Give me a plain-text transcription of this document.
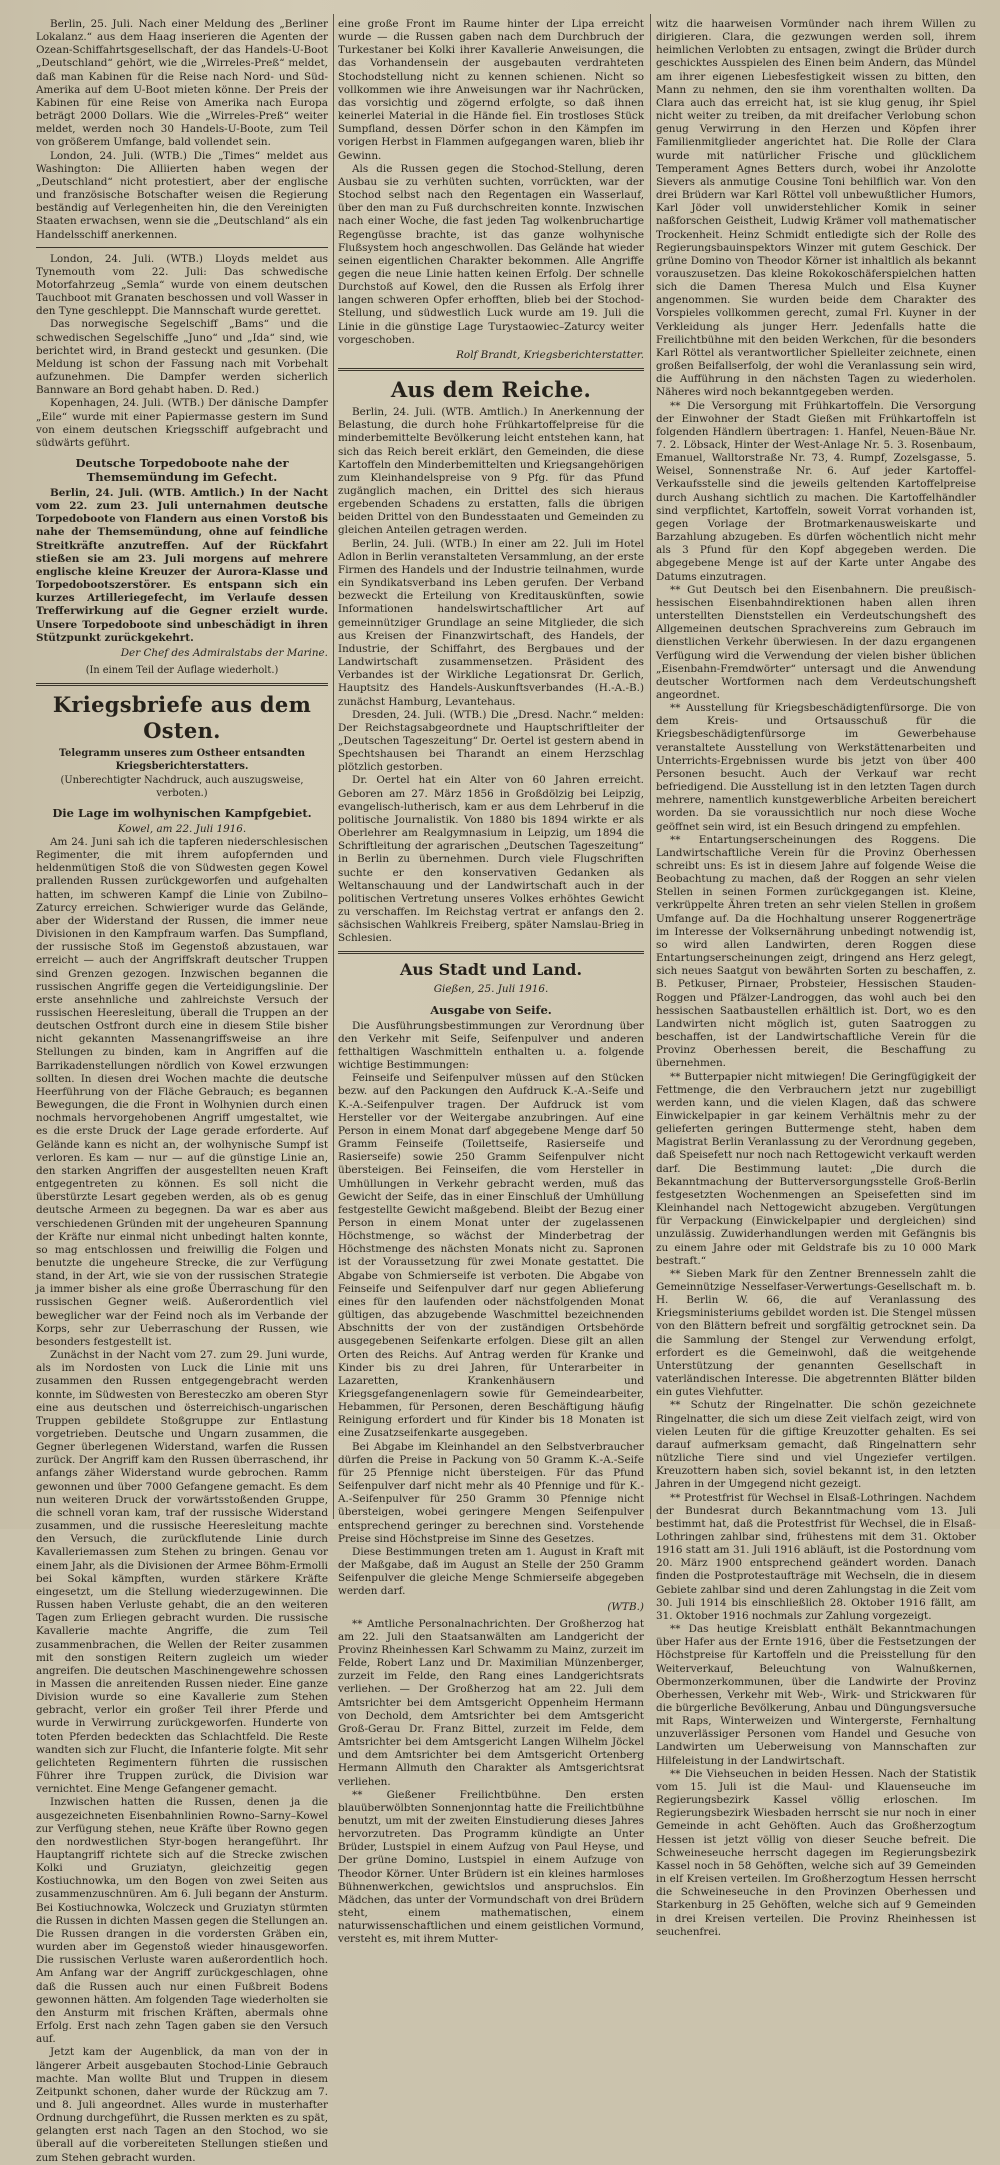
Berlin, 25. Juli. Nach einer Meldung des „Berliner Lokalanz.“ aus dem Haag inserieren die Agenten der Ozean-Schiffahrtsgesellschaft, der das Handels-U-Boot „Deutschland“ gehört, wie die „Wirreles-Preß“ meldet, daß man Kabinen für die Reise nach Nord- und Süd-Amerika auf dem U-Boot mieten könne. Der Preis der Kabinen für eine Reise von Amerika nach Europa beträgt 2000 Dollars. Wie die „Wirreles-Preß“ weiter meldet, werden noch 30 Handels-U-Boote, zum Teil von größerem Umfange, bald vollendet sein.

London, 24. Juli. (WTB.) Die „Times“ meldet aus Washington: Die Alliierten haben wegen der „Deutschland“ nicht protestiert, aber der englische und französische Botschafter weisen die Regierung beständig auf Verlegenheiten hin, die den Vereinigten Staaten erwachsen, wenn sie die „Deutschland“ als ein Handelsschiff anerkennen.

London, 24. Juli. (WTB.) Lloyds meldet aus Tynemouth vom 22. Juli: Das schwedische Motorfahrzeug „Semla“ wurde von einem deutschen Tauchboot mit Granaten beschossen und voll Wasser in den Tyne geschleppt. Die Mannschaft wurde gerettet.

Das norwegische Segelschiff „Bams“ und die schwedischen Segelschiffe „Juno“ und „Ida“ sind, wie berichtet wird, in Brand gesteckt und gesunken. (Die Meldung ist schon der Fassung nach mit Vorbehalt aufzunehmen. Die Dampfer werden sicherlich Bannware an Bord gehabt haben. D. Red.)

Kopenhagen, 24. Juli. (WTB.) Der dänische Dampfer „Eile“ wurde mit einer Papiermasse gestern im Sund von einem deutschen Kriegsschiff aufgebracht und südwärts geführt.

Deutsche Torpedoboote nahe der Themsemündung im Gefecht.

Berlin, 24. Juli. (WTB. Amtlich.) In der Nacht vom 22. zum 23. Juli unternahmen deutsche Torpedoboote von Flandern aus einen Vorstoß bis nahe der Themsemündung, ohne auf feindliche Streitkräfte anzutreffen. Auf der Rückfahrt stießen sie am 23. Juli morgens auf mehrere englische kleine Kreuzer der Aurora-Klasse und Torpedobootszerstörer. Es entspann sich ein kurzes Artilleriegefecht, im Verlaufe dessen Trefferwirkung auf die Gegner erzielt wurde. Unsere Torpedoboote sind unbeschädigt in ihren Stützpunkt zurückgekehrt.

Der Chef des Admiralstabs der Marine.

(In einem Teil der Auflage wiederholt.)

Kriegsbriefe aus dem Osten.

Telegramm unseres zum Ostheer entsandten Kriegsberichterstatters.

(Unberechtigter Nachdruck, auch auszugsweise, verboten.)

Die Lage im wolhynischen Kampfgebiet.

Kowel, am 22. Juli 1916.

Am 24. Juni sah ich die tapferen niederschlesischen Regimenter, die mit ihrem aufopfernden und heldenmütigen Stoß die von Südwesten gegen Kowel prallenden Russen zurückgeworfen und aufgehalten hatten, im schweren Kampf die Linie von Zubilno–Zaturcy erreichen. Schwieriger wurde das Gelände, aber der Widerstand der Russen, die immer neue Divisionen in den Kampfraum warfen. Das Sumpfland, der russische Stoß im Gegenstoß abzustauen, war erreicht — auch der Angriffskraft deutscher Truppen sind Grenzen gezogen. Inzwischen begannen die russischen Angriffe gegen die Verteidigungslinie. Der erste ansehnliche und zahlreichste Versuch der russischen Heeresleitung, überall die Truppen an der deutschen Ostfront durch eine in diesem Stile bisher nicht gekannten Massenangriffsweise an ihre Stellungen zu binden, kam in Angriffen auf die Barrikadenstellungen nördlich von Kowel erzwungen sollten. In diesen drei Wochen machte die deutsche Heerführung von der Fläche Gebrauch; es begannen Bewegungen, die die Front in Wolhynien durch einen nochmals hervorgehobenen Angriff umgestaltet, wie es die erste Druck der Lage gerade erforderte. Auf Gelände kann es nicht an, der wolhynische Sumpf ist verloren. Es kam — nur — auf die günstige Linie an, den starken Angriffen der ausgestellten neuen Kraft entgegentreten zu können. Es soll nicht die überstürzte Lesart gegeben werden, als ob es genug deutsche Armeen zu begegnen. Da war es aber aus verschiedenen Gründen mit der ungeheuren Spannung der Kräfte nur einmal nicht unbedingt halten konnte, so mag entschlossen und freiwillig die Folgen und benutzte die ungeheure Strecke, die zur Verfügung stand, in der Art, wie sie von der russischen Strategie ja immer bisher als eine große Überraschung für den russischen Gegner weiß. Außerordentlich viel beweglicher war der Feind noch als im Verbande der Korps, sehr zur Ueberraschung der Russen, wie besonders festgestellt ist.

Zunächst in der Nacht vom 27. zum 29. Juni wurde, als im Nordosten von Luck die Linie mit uns zusammen den Russen entgegengebracht werden konnte, im Südwesten von Beresteczko am oberen Styr eine aus deutschen und österreichisch-ungarischen Truppen gebildete Stoßgruppe zur Entlastung vorgetrieben. Deutsche und Ungarn zusammen, die Gegner überlegenen Widerstand, warfen die Russen zurück. Der Angriff kam den Russen überraschend, ihr anfangs zäher Widerstand wurde gebrochen. Ramm gewonnen und über 7000 Gefangene gemacht. Es dem nun weiteren Druck der vorwärtsstoßenden Gruppe, die schnell voran kam, traf der russische Widerstand zusammen, und die russische Heeresleitung machte den Versuch, die zurückflutende Linie durch Kavalleriemassen zum Stehen zu bringen. Genau vor einem Jahr, als die Divisionen der Armee Böhm-Ermolli bei Sokal kämpften, wurden stärkere Kräfte eingesetzt, um die Stellung wiederzugewinnen. Die Russen haben Verluste gehabt, die an den weiteren Tagen zum Erliegen gebracht wurden. Die russische Kavallerie machte Angriffe, die zum Teil zusammenbrachen, die Wellen der Reiter zusammen mit den sonstigen Reitern zugleich um wieder angreifen. Die deutschen Maschinengewehre schossen in Massen die anreitenden Russen nieder. Eine ganze Division wurde so eine Kavallerie zum Stehen gebracht, verlor ein großer Teil ihrer Pferde und wurde in Verwirrung zurückgeworfen. Hunderte von toten Pferden bedeckten das Schlachtfeld. Die Reste wandten sich zur Flucht, die Infanterie folgte. Mit sehr gelichteten Regimentern führten die russischen Führer ihre Truppen zurück, die Division war vernichtet. Eine Menge Gefangener gemacht.

Inzwischen hatten die Russen, denen ja die ausgezeichneten Eisenbahnlinien Rowno–Sarny–Kowel zur Verfügung stehen, neue Kräfte über Rowno gegen den nordwestlichen Styr-bogen herangeführt. Ihr Hauptangriff richtete sich auf die Strecke zwischen Kolki und Gruziatyn, gleichzeitig gegen Kostiuchnowka, um den Bogen von zwei Seiten aus zusammenzuschnüren. Am 6. Juli begann der Ansturm. Bei Kostiuchnowka, Wolczeck und Gruziatyn stürmten die Russen in dichten Massen gegen die Stellungen an. Die Russen drangen in die vordersten Gräben ein, wurden aber im Gegenstoß wieder hinausgeworfen. Die russischen Verluste waren außerordentlich hoch. Am Anfang war der Angriff zurückgeschlagen, ohne daß die Russen auch nur einen Fußbreit Bodens gewonnen hätten. Am folgenden Tage wiederholten sie den Ansturm mit frischen Kräften, abermals ohne Erfolg. Erst nach zehn Tagen gaben sie den Versuch auf.

Jetzt kam der Augenblick, da man von der in längerer Arbeit ausgebauten Stochod-Linie Gebrauch machte. Man wollte Blut und Truppen in diesem Zeitpunkt schonen, daher wurde der Rückzug am 7. und 8. Juli angeordnet. Alles wurde in musterhafter Ordnung durchgeführt, die Russen merkten es zu spät, gelangten erst nach Tagen an den Stochod, wo sie überall auf die vorbereiteten Stellungen stießen und zum Stehen gebracht wurden.

eine große Front im Raume hinter der Lipa erreicht wurde — die Russen gaben nach dem Durchbruch der Turkestaner bei Kolki ihrer Kavallerie Anweisungen, die das Vorhandensein der ausgebauten verdrahteten Stochodstellung nicht zu kennen schienen. Nicht so vollkommen wie ihre Anweisungen war ihr Nachrücken, das vorsichtig und zögernd erfolgte, so daß ihnen keinerlei Material in die Hände fiel. Ein trostloses Stück Sumpfland, dessen Dörfer schon in den Kämpfen im vorigen Herbst in Flammen aufgegangen waren, blieb ihr Gewinn.

Als die Russen gegen die Stochod-Stellung, deren Ausbau sie zu verhüten suchten, vorrückten, war der Stochod selbst nach den Regentagen ein Wasserlauf, über den man zu Fuß durchschreiten konnte. Inzwischen nach einer Woche, die fast jeden Tag wolkenbruchartige Regengüsse brachte, ist das ganze wolhynische Flußsystem hoch angeschwollen. Das Gelände hat wieder seinen eigentlichen Charakter bekommen. Alle Angriffe gegen die neue Linie hatten keinen Erfolg. Der schnelle Durchstoß auf Kowel, den die Russen als Erfolg ihrer langen schweren Opfer erhofften, blieb bei der Stochod-Stellung, und südwestlich Luck wurde am 19. Juli die Linie in die günstige Lage Turystaowiec–Zaturcy weiter vorgeschoben.

Rolf Brandt, Kriegsberichterstatter.

Aus dem Reiche.

Berlin, 24. Juli. (WTB. Amtlich.) In Anerkennung der Belastung, die durch hohe Frühkartoffelpreise für die minderbemittelte Bevölkerung leicht entstehen kann, hat sich das Reich bereit erklärt, den Gemeinden, die diese Kartoffeln den Minderbemittelten und Kriegsangehörigen zum Kleinhandelspreise von 9 Pfg. für das Pfund zugänglich machen, ein Drittel des sich hieraus ergebenden Schadens zu erstatten, falls die übrigen beiden Drittel von den Bundesstaaten und Gemeinden zu gleichen Anteilen getragen werden.

Berlin, 24. Juli. (WTB.) In einer am 22. Juli im Hotel Adlon in Berlin veranstalteten Versammlung, an der erste Firmen des Handels und der Industrie teilnahmen, wurde ein Syndikatsverband ins Leben gerufen. Der Verband bezweckt die Erteilung von Kreditauskünften, sowie Informationen handelswirtschaftlicher Art auf gemeinnütziger Grundlage an seine Mitglieder, die sich aus Kreisen der Finanzwirtschaft, des Handels, der Industrie, der Schiffahrt, des Bergbaues und der Landwirtschaft zusammensetzen. Präsident des Verbandes ist der Wirkliche Legationsrat Dr. Gerlich, Hauptsitz des Handels-Auskunftsverbandes (H.-A.-B.) zunächst Hamburg, Levantehaus.

Dresden, 24. Juli. (WTB.) Die „Dresd. Nachr.“ melden: Der Reichstagsabgeordnete und Hauptschriftleiter der „Deutschen Tageszeitung“ Dr. Oertel ist gestern abend in Spechtshausen bei Tharandt an einem Herzschlag plötzlich gestorben.

Dr. Oertel hat ein Alter von 60 Jahren erreicht. Geboren am 27. März 1856 in Großdölzig bei Leipzig, evangelisch-lutherisch, kam er aus dem Lehrberuf in die politische Journalistik. Von 1880 bis 1894 wirkte er als Oberlehrer am Realgymnasium in Leipzig, um 1894 die Schriftleitung der agrarischen „Deutschen Tageszeitung“ in Berlin zu übernehmen. Durch viele Flugschriften suchte er den konservativen Gedanken als Weltanschauung und der Landwirtschaft auch in der politischen Vertretung unseres Volkes erhöhtes Gewicht zu verschaffen. Im Reichstag vertrat er anfangs den 2. sächsischen Wahlkreis Freiberg, später Namslau-Brieg in Schlesien.

Aus Stadt und Land.

Gießen, 25. Juli 1916.

Ausgabe von Seife.

Die Ausführungsbestimmungen zur Verordnung über den Verkehr mit Seife, Seifenpulver und anderen fetthaltigen Waschmitteln enthalten u. a. folgende wichtige Bestimmungen:

Feinseife und Seifenpulver müssen auf den Stücken bezw. auf den Packungen den Aufdruck K.-A.-Seife und K.-A.-Seifenpulver tragen. Der Aufdruck ist vom Hersteller vor der Weitergabe anzubringen. Auf eine Person in einem Monat darf abgegebene Menge darf 50 Gramm Feinseife (Toilettseife, Rasierseife und Rasierseife) sowie 250 Gramm Seifenpulver nicht übersteigen. Bei Feinseifen, die vom Hersteller in Umhüllungen in Verkehr gebracht werden, muß das Gewicht der Seife, das in einer Einschluß der Umhüllung festgestellte Gewicht maßgebend. Bleibt der Bezug einer Person in einem Monat unter der zugelassenen Höchstmenge, so wächst der Minderbetrag der Höchstmenge des nächsten Monats nicht zu. Sapronen ist der Voraussetzung für zwei Monate gestattet. Die Abgabe von Schmierseife ist verboten. Die Abgabe von Feinseife und Seifenpulver darf nur gegen Ablieferung eines für den laufenden oder nächstfolgenden Monat gültigen, das abzugebende Waschmittel bezeichnenden Abschnitts der von der zuständigen Ortsbehörde ausgegebenen Seifenkarte erfolgen. Diese gilt an allen Orten des Reichs. Auf Antrag werden für Kranke und Kinder bis zu drei Jahren, für Unterarbeiter in Lazaretten, Krankenhäusern und Kriegsgefangenenlagern sowie für Gemeindearbeiter, Hebammen, für Personen, deren Beschäftigung häufig Reinigung erfordert und für Kinder bis 18 Monaten ist eine Zusatzseifenkarte ausgegeben.

Bei Abgabe im Kleinhandel an den Selbstverbraucher dürfen die Preise in Packung von 50 Gramm K.-A.-Seife für 25 Pfennige nicht übersteigen. Für das Pfund Seifenpulver darf nicht mehr als 40 Pfennige und für K.-A.-Seifenpulver für 250 Gramm 30 Pfennige nicht übersteigen, wobei geringere Mengen Seifenpulver entsprechend geringer zu berechnen sind. Vorstehende Preise sind Höchstpreise im Sinne des Gesetzes.

Diese Bestimmungen treten am 1. August in Kraft mit der Maßgabe, daß im August an Stelle der 250 Gramm Seifenpulver die gleiche Menge Schmierseife abgegeben werden darf.

(WTB.)

** Amtliche Personalnachrichten. Der Großherzog hat am 22. Juli den Staatsanwälten am Landgericht der Provinz Rheinhessen Karl Schwamm zu Mainz, zurzeit im Felde, Robert Lanz und Dr. Maximilian Münzenberger, zurzeit im Felde, den Rang eines Landgerichtsrats verliehen. — Der Großherzog hat am 22. Juli dem Amtsrichter bei dem Amtsgericht Oppenheim Hermann von Dechold, dem Amtsrichter bei dem Amtsgericht Groß-Gerau Dr. Franz Bittel, zurzeit im Felde, dem Amtsrichter bei dem Amtsgericht Langen Wilhelm Jöckel und dem Amtsrichter bei dem Amtsgericht Ortenberg Hermann Allmuth den Charakter als Amtsgerichtsrat verliehen.

** Gießener Freilichtbühne. Den ersten blauüberwölbten Sonnenjonntag hatte die Freilichtbühne benutzt, um mit der zweiten Einstudierung dieses Jahres hervorzutreten. Das Programm kündigte an Unter Brüder, Lustspiel in einem Aufzug von Paul Heyse, und Der grüne Domino, Lustspiel in einem Aufzuge von Theodor Körner. Unter Brüdern ist ein kleines harmloses Bühnenwerkchen, gewichtslos und anspruchslos. Ein Mädchen, das unter der Vormundschaft von drei Brüdern steht, einem mathematischen, einem naturwissenschaftlichen und einem geistlichen Vormund, versteht es, mit ihrem Mutter-

witz die haarweisen Vormünder nach ihrem Willen zu dirigieren. Clara, die gezwungen werden soll, ihrem heimlichen Verlobten zu entsagen, zwingt die Brüder durch geschicktes Ausspielen des Einen beim Andern, das Mündel am ihrer eigenen Liebesfestigkeit wissen zu bitten, den Mann zu nehmen, den sie ihm vorenthalten wollten. Da Clara auch das erreicht hat, ist sie klug genug, ihr Spiel nicht weiter zu treiben, da mit dreifacher Verlobung schon genug Verwirrung in den Herzen und Köpfen ihrer Familienmitglieder angerichtet hat. Die Rolle der Clara wurde mit natürlicher Frische und glücklichem Temperament Agnes Betters durch, wobei ihr Anzolotte Sievers als anmutige Cousine Toni behilflich war. Von den drei Brüdern war Karl Röttel voll unbewußtlicher Humors, Karl Jöder voll unwiderstehlicher Komik in seiner naßforschen Geistheit, Ludwig Krämer voll mathematischer Trockenheit. Heinz Schmidt entledigte sich der Rolle des Regierungsbauinspektors Winzer mit gutem Geschick. Der grüne Domino von Theodor Körner ist inhaltlich als bekannt vorauszusetzen. Das kleine Rokokoschäferspielchen hatten sich die Damen Theresa Mulch und Elsa Kuyner angenommen. Sie wurden beide dem Charakter des Vorspieles vollkommen gerecht, zumal Frl. Kuyner in der Verkleidung als junger Herr. Jedenfalls hatte die Freilichtbühne mit den beiden Werkchen, für die besonders Karl Röttel als verantwortlicher Spielleiter zeichnete, einen großen Beifallserfolg, der wohl die Veranlassung sein wird, die Aufführung in den nächsten Tagen zu wiederholen. Näheres wird noch bekanntgegeben werden.

** Die Versorgung mit Frühkartoffeln. Die Versorgung der Einwohner der Stadt Gießen mit Frühkartoffeln ist folgenden Händlern übertragen: 1. Hanfel, Neuen-Bäue Nr. 7. 2. Löbsack, Hinter der West-Anlage Nr. 5. 3. Rosenbaum, Emanuel, Walltorstraße Nr. 73, 4. Rumpf, Zozelsgasse, 5. Weisel, Sonnenstraße Nr. 6. Auf jeder Kartoffel-Verkaufsstelle sind die jeweils geltenden Kartoffelpreise durch Aushang sichtlich zu machen. Die Kartoffelhändler sind verpflichtet, Kartoffeln, soweit Vorrat vorhanden ist, gegen Vorlage der Brotmarkenausweiskarte und Barzahlung abzugeben. Es dürfen wöchentlich nicht mehr als 3 Pfund für den Kopf abgegeben werden. Die abgegebene Menge ist auf der Karte unter Angabe des Datums einzutragen.

** Gut Deutsch bei den Eisenbahnern. Die preußisch-hessischen Eisenbahndirektionen haben allen ihren unterstellten Dienststellen ein Verdeutschungsheft des Allgemeinen deutschen Sprachvereins zum Gebrauch im dienstlichen Verkehr überwiesen. In der dazu ergangenen Verfügung wird die Verwendung der vielen bisher üblichen „Eisenbahn-Fremdwörter“ untersagt und die Anwendung deutscher Wortformen nach dem Verdeutschungsheft angeordnet.

** Ausstellung für Kriegsbeschädigtenfürsorge. Die von dem Kreis- und Ortsausschuß für die Kriegsbeschädigtenfürsorge im Gewerbehause veranstaltete Ausstellung von Werkstättenarbeiten und Unterrichts-Ergebnissen wurde bis jetzt von über 400 Personen besucht. Auch der Verkauf war recht befriedigend. Die Ausstellung ist in den letzten Tagen durch mehrere, namentlich kunstgewerbliche Arbeiten bereichert worden. Da sie voraussichtlich nur noch diese Woche geöffnet sein wird, ist ein Besuch dringend zu empfehlen.

** Entartungserscheinungen des Roggens. Die Landwirtschaftliche Verein für die Provinz Oberhessen schreibt uns: Es ist in diesem Jahre auf folgende Weise die Beobachtung zu machen, daß der Roggen an sehr vielen Stellen in seinen Formen zurückgegangen ist. Kleine, verkrüppelte Ähren treten an sehr vielen Stellen in großem Umfange auf. Da die Hochhaltung unserer Roggenerträge im Interesse der Volksernährung unbedingt notwendig ist, so wird allen Landwirten, deren Roggen diese Entartungserscheinungen zeigt, dringend ans Herz gelegt, sich neues Saatgut von bewährten Sorten zu beschaffen, z. B. Petkuser, Pirnaer, Probsteier, Hessischen Stauden-Roggen und Pfälzer-Landroggen, das wohl auch bei den hessischen Saatbaustellen erhältlich ist. Dort, wo es den Landwirten nicht möglich ist, guten Saatroggen zu beschaffen, ist der Landwirtschaftliche Verein für die Provinz Oberhessen bereit, die Beschaffung zu übernehmen.

** Butterpapier nicht mitwiegen! Die Geringfügigkeit der Fettmenge, die den Verbrauchern jetzt nur zugebilligt werden kann, und die vielen Klagen, daß das schwere Einwickelpapier in gar keinem Verhältnis mehr zu der gelieferten geringen Buttermenge steht, haben dem Magistrat Berlin Veranlassung zu der Verordnung gegeben, daß Speisefett nur noch nach Rettogewicht verkauft werden darf. Die Bestimmung lautet: „Die durch die Bekanntmachung der Butterversorgungsstelle Groß-Berlin festgesetzten Wochenmengen an Speisefetten sind im Kleinhandel nach Nettogewicht abzugeben. Vergütungen für Verpackung (Einwickelpapier und dergleichen) sind unzulässig. Zuwiderhandlungen werden mit Gefängnis bis zu einem Jahre oder mit Geldstrafe bis zu 10 000 Mark bestraft.“

** Sieben Mark für den Zentner Brennesseln zahlt die Gemeinnützige Nesselfaser-Verwertungs-Gesellschaft m. b. H. Berlin W. 66, die auf Veranlassung des Kriegsministeriums gebildet worden ist. Die Stengel müssen von den Blättern befreit und sorgfältig getrocknet sein. Da die Sammlung der Stengel zur Verwendung erfolgt, erfordert es die Gemeinwohl, daß die weitgehende Unterstützung der genannten Gesellschaft in vaterländischen Interesse. Die abgetrennten Blätter bilden ein gutes Viehfutter.

** Schutz der Ringelnatter. Die schön gezeichnete Ringelnatter, die sich um diese Zeit vielfach zeigt, wird von vielen Leuten für die giftige Kreuzotter gehalten. Es sei darauf aufmerksam gemacht, daß Ringelnattern sehr nützliche Tiere sind und viel Ungeziefer vertilgen. Kreuzottern haben sich, soviel bekannt ist, in den letzten Jahren in der Umgegend nicht gezeigt.

** Protestfrist für Wechsel in Elsaß-Lothringen. Nachdem der Bundesrat durch Bekanntmachung vom 13. Juli bestimmt hat, daß die Protestfrist für Wechsel, die in Elsaß-Lothringen zahlbar sind, frühestens mit dem 31. Oktober 1916 statt am 31. Juli 1916 abläuft, ist die Postordnung vom 20. März 1900 entsprechend geändert worden. Danach finden die Postprotestaufträge mit Wechseln, die in diesem Gebiete zahlbar sind und deren Zahlungstag in die Zeit vom 30. Juli 1914 bis einschließlich 28. Oktober 1916 fällt, am 31. Oktober 1916 nochmals zur Zahlung vorgezeigt.

** Das heutige Kreisblatt enthält Bekanntmachungen über Hafer aus der Ernte 1916, über die Festsetzungen der Höchstpreise für Kartoffeln und die Preisstellung für den Weiterverkauf, Beleuchtung von Walnußkernen, Obermonzerkommunen, über die Landwirte der Provinz Oberhessen, Verkehr mit Web-, Wirk- und Strickwaren für die bürgerliche Bevölkerung, Anbau und Düngungsversuche mit Raps, Winterweizen und Wintergerste, Fernhaltung unzuverlässiger Personen vom Handel und Gesuche von Landwirten um Ueberweisung von Mannschaften zur Hilfeleistung in der Landwirtschaft.

** Die Viehseuchen in beiden Hessen. Nach der Statistik vom 15. Juli ist die Maul- und Klauenseuche im Regierungsbezirk Kassel völlig erloschen. Im Regierungsbezirk Wiesbaden herrscht sie nur noch in einer Gemeinde in acht Gehöften. Auch das Großherzogtum Hessen ist jetzt völlig von dieser Seuche befreit. Die Schweineseuche herrscht dagegen im Regierungsbezirk Kassel noch in 58 Gehöften, welche sich auf 39 Gemeinden in elf Kreisen verteilen. Im Großherzogtum Hessen herrscht die Schweineseuche in den Provinzen Oberhessen und Starkenburg in 25 Gehöften, welche sich auf 9 Gemeinden in drei Kreisen verteilen. Die Provinz Rheinhessen ist seuchenfrei.
